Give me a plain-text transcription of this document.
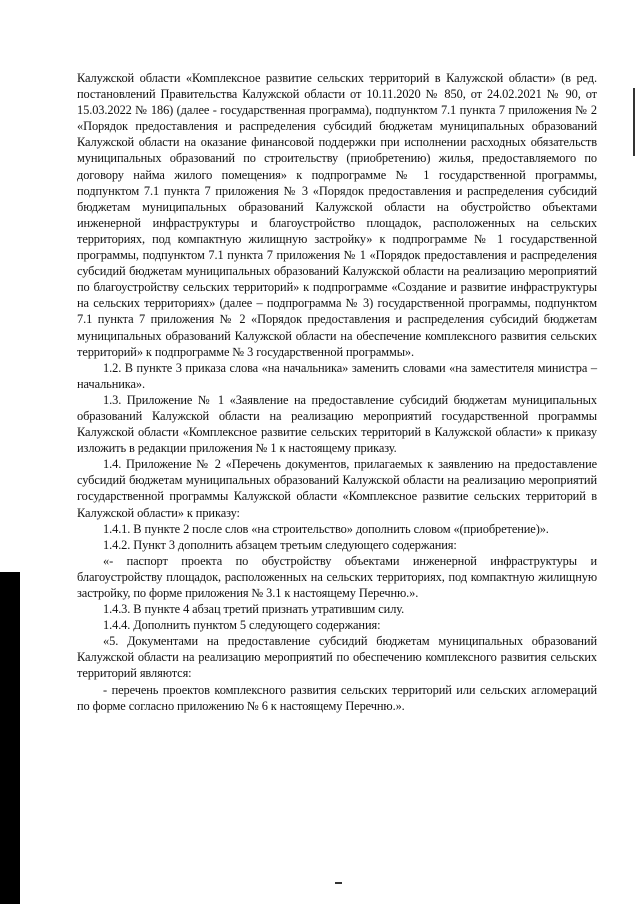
Калужской области «Комплексное развитие сельских территорий в Калужской области» (в ред. постановлений Правительства Калужской области от 10.11.2020 № 850, от 24.02.2021 № 90, от 15.03.2022 № 186) (далее - государственная программа), подпунктом 7.1 пункта 7 приложения № 2 «Порядок предоставления и распределения субсидий бюджетам муниципальных образований Калужской области на оказание финансовой поддержки при исполнении расходных обязательств муниципальных образований по строительству (приобретению) жилья, предоставляемого по договору найма жилого помещения» к подпрограмме № 1 государственной программы, подпунктом 7.1 пункта 7 приложения № 3 «Порядок предоставления и распределения субсидий бюджетам муниципальных образований Калужской области на обустройство объектами инженерной инфраструктуры и благоустройство площадок, расположенных на сельских территориях, под компактную жилищную застройку» к подпрограмме № 1 государственной программы, подпунктом 7.1 пункта 7 приложения № 1 «Порядок предоставления и распределения субсидий бюджетам муниципальных образований Калужской области на реализацию мероприятий по благоустройству сельских территорий» к подпрограмме «Создание и развитие инфраструктуры на сельских территориях» (далее – подпрограмма № 3) государственной программы, подпунктом 7.1 пункта 7 приложения № 2 «Порядок предоставления и распределения субсидий бюджетам муниципальных образований Калужской области на обеспечение комплексного развития сельских территорий» к подпрограмме № 3 государственной программы».

1.2. В пункте 3 приказа слова «на начальника» заменить словами «на заместителя министра – начальника».

1.3. Приложение № 1 «Заявление на предоставление субсидий бюджетам муниципальных образований Калужской области на реализацию мероприятий государственной программы Калужской области «Комплексное развитие сельских территорий в Калужской области» к приказу изложить в редакции приложения № 1 к настоящему приказу.

1.4. Приложение № 2 «Перечень документов, прилагаемых к заявлению на предоставление субсидий бюджетам муниципальных образований Калужской области на реализацию мероприятий государственной программы Калужской области «Комплексное развитие сельских территорий в Калужской области» к приказу:

1.4.1. В пункте 2 после слов «на строительство» дополнить словом «(приобретение)».

1.4.2. Пункт 3 дополнить абзацем третьим следующего содержания:

«- паспорт проекта по обустройству объектами инженерной инфраструктуры и благоустройству площадок, расположенных на сельских территориях, под компактную жилищную застройку, по форме приложения № 3.1 к настоящему Перечню.».

1.4.3. В пункте 4 абзац третий признать утратившим силу.

1.4.4. Дополнить пунктом 5 следующего содержания:

«5. Документами на предоставление субсидий бюджетам муниципальных образований Калужской области на реализацию мероприятий по обеспечению комплексного развития сельских территорий являются:

- перечень проектов комплексного развития сельских территорий или сельских агломераций по форме согласно приложению № 6 к настоящему Перечню.».
